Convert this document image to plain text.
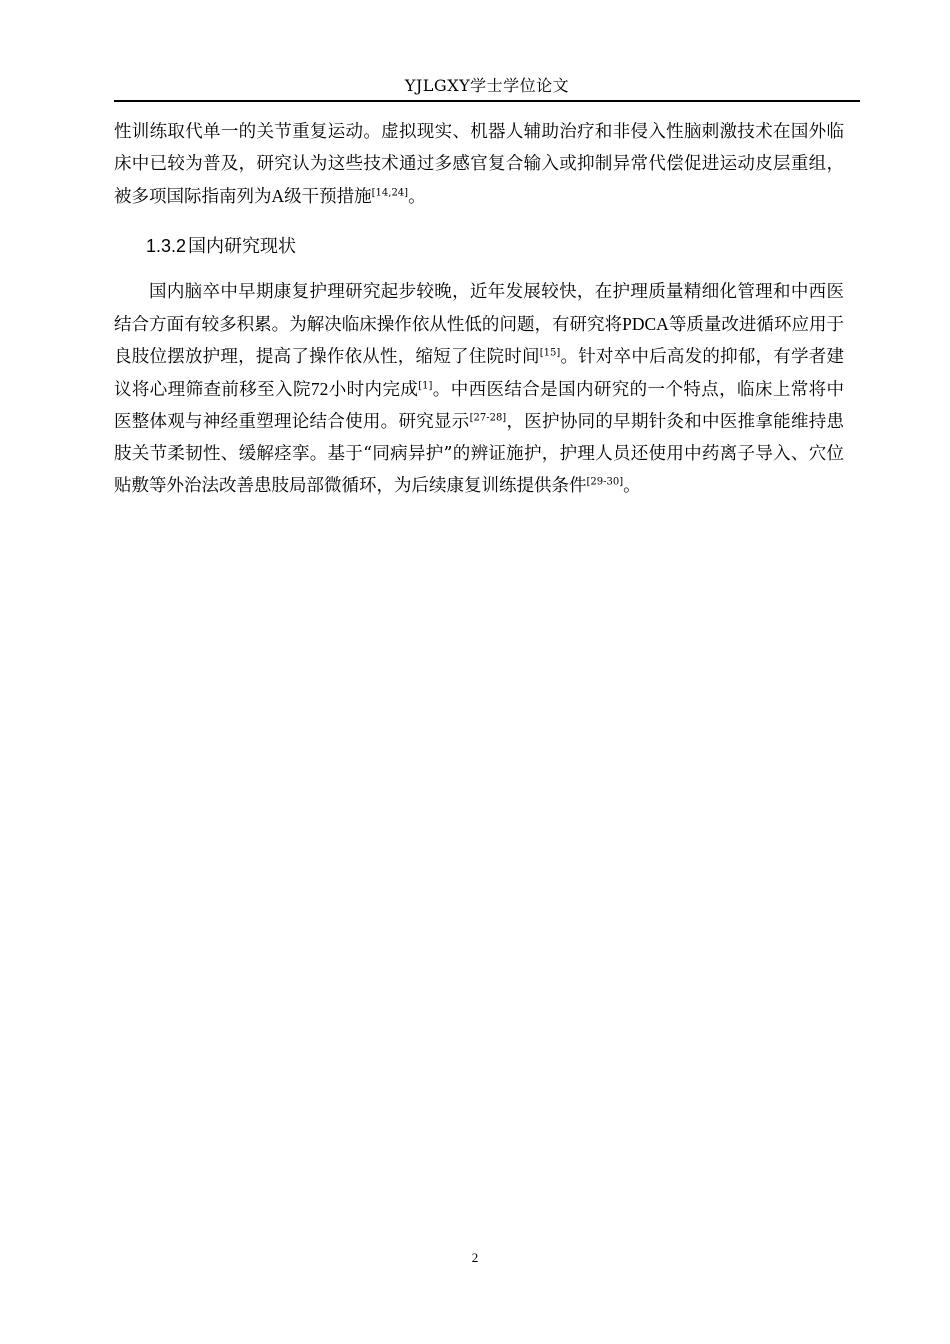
YJLGXY学士学位论文
性训练取代单一的关节重复运动。虚拟现实、机器人辅助治疗和非侵入性脑刺激技术在国外临床中已较为普及，研究认为这些技术通过多感官复合输入或抑制异常代偿促进运动皮层重组，被多项国际指南列为A级干预措施[14,24]。
1.3.2 国内研究现状
国内脑卒中早期康复护理研究起步较晚，近年发展较快，在护理质量精细化管理和中西医结合方面有较多积累。为解决临床操作依从性低的问题，有研究将PDCA等质量改进循环应用于良肢位摆放护理，提高了操作依从性，缩短了住院时间[15]。针对卒中后高发的抑郁，有学者建议将心理筛查前移至入院72小时内完成[1]。中西医结合是国内研究的一个特点，临床上常将中医整体观与神经重塑理论结合使用。研究显示[27-28]，医护协同的早期针灸和中医推拿能维持患肢关节柔韧性、缓解痉挛。基于“同病异护”的辨证施护，护理人员还使用中药离子导入、穴位贴敷等外治法改善患肢局部微循环，为后续康复训练提供条件[29-30]。
2
